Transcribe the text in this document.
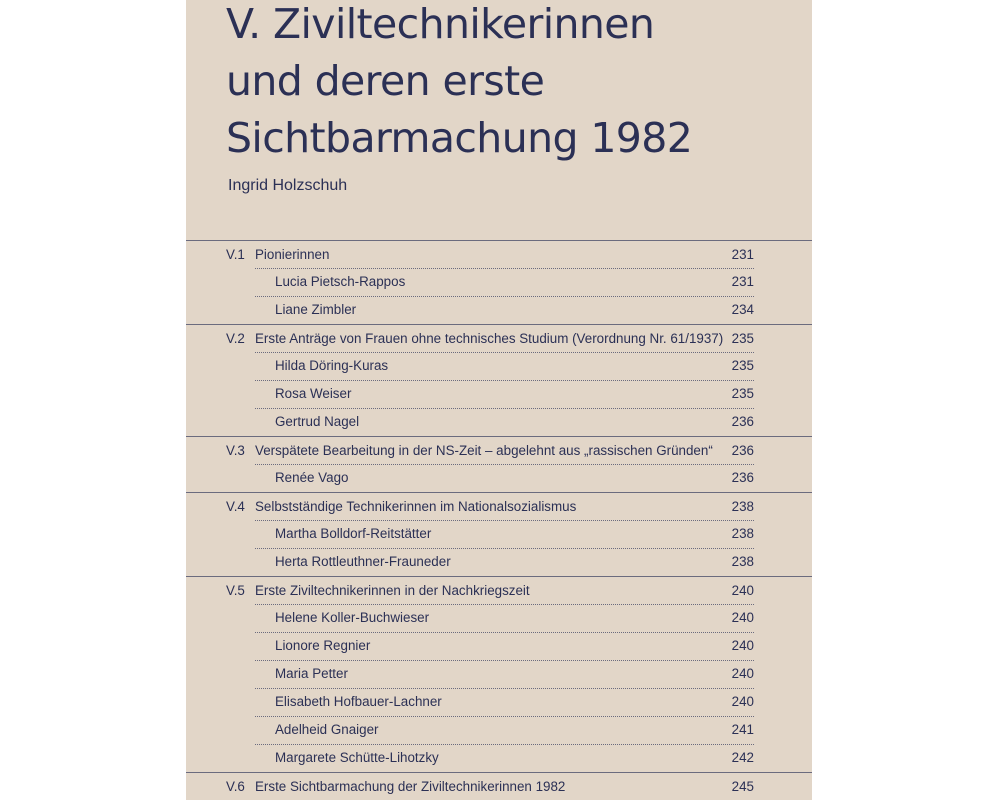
V. Ziviltechnikerinnen
und deren erste
Sichtbarmachung 1982
Ingrid Holzschuh
V.1 Pionierinnen	231
Lucia Pietsch-Rappos	231
Liane Zimbler	234
V.2 Erste Anträge von Frauen ohne technisches Studium (Verordnung Nr. 61/1937) 235
Hilda Döring-Kuras	235
Rosa Weiser	235
Gertrud Nagel	236
V.3 Verspätete Bearbeitung in der NS-Zeit – abgelehnt aus „rassischen Gründen“ 236
Renée Vago	236
V.4 Selbstständige Technikerinnen im Nationalsozialismus	238
Martha Bolldorf-Reitstätter	238
Herta Rottleuthner-Frauneder	238
V.5 Erste Ziviltechnikerinnen in der Nachkriegszeit	240
Helene Koller-Buchwieser	240
Lionore Regnier	240
Maria Petter	240
Elisabeth Hofbauer-Lachner	240
Adelheid Gnaiger	241
Margarete Schütte-Lihotzky	242
V.6 Erste Sichtbarmachung der Ziviltechnikerinnen 1982	245
